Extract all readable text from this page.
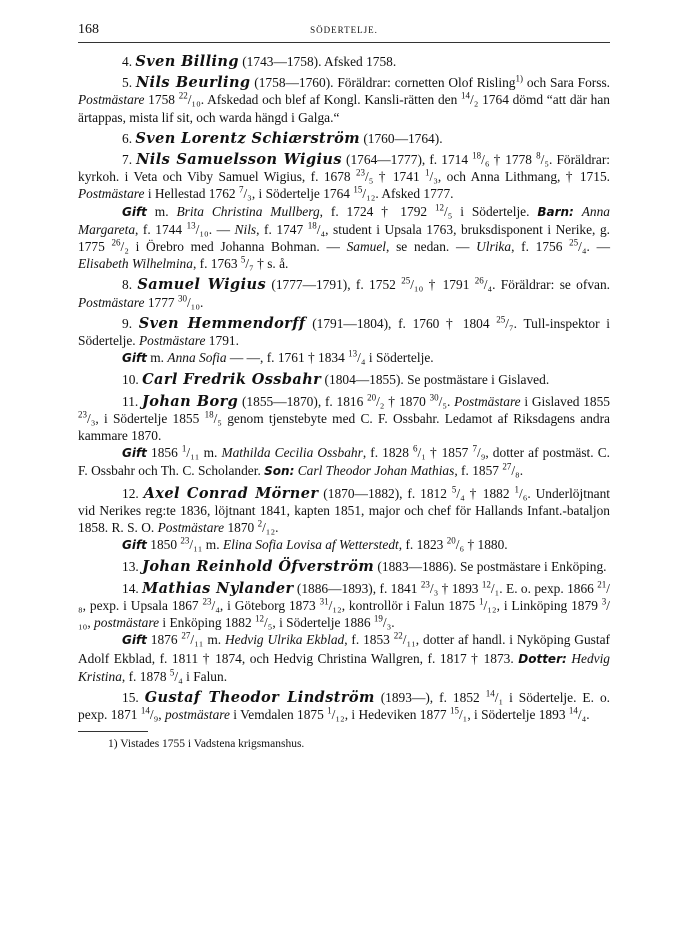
168	SÖDERTELJE.

4. Sven Billing (1743—1758). Afsked 1758.

5. Nils Beurling (1758—1760). Föräldrar: cornetten Olof Risling$^{1)}$ och Sara Forss. Postmästare 1758 $^{22}$/₁₀. Afskedad och blef af Kongl. Kansli-rätten den $^{14}$/₂ 1764 dömd “att där han ärtappas, mista lif sit, och warda hängd i Galga.“

6. Sven Lorentz Schiærström (1760—1764).

7. Nils Samuelsson Wigius (1764—1777), f. 1714 $^{18}$/₆ † 1778 $^8$/₅. Föräldrar: kyrkoh. i Veta och Viby Samuel Wigius, f. 1678 $^{23}$/₅ † 1741 $^1$/₃, och Anna Lithmang, † 1715. Postmästare i Hellestad 1762 $^7$/₃, i Södertelje 1764 $^{15}$/₁₂. Afsked 1777.

Gift m. Brita Christina Mullberg, f. 1724 † 1792 $^{12}$/₅ i Södertelje. Barn: Anna Margareta, f. 1744 $^{13}$/₁₀. — Nils, f. 1747 $^{18}$/₄, student i Upsala 1763, bruksdisponent i Nerike, g. 1775 $^{26}$/₂ i Örebro med Johanna Bohman. — Samuel, se nedan. — Ulrika, f. 1756 $^{25}$/₄. — Elisabeth Wilhelmina, f. 1763 $^5$/₇ † s. å.

8. Samuel Wigius (1777—1791), f. 1752 $^{25}$/₁₀ † 1791 $^{26}$/₄. Föräldrar: se ofvan. Postmästare 1777 $^{30}$/₁₀.

9. Sven Hemmendorff (1791—1804), f. 1760 † 1804 $^{25}$/₇. Tull-inspektor i Södertelje. Postmästare 1791.

Gift m. Anna Sofia — —, f. 1761 † 1834 $^{13}$/₄ i Södertelje.

10. Carl Fredrik Ossbahr (1804—1855). Se postmästare i Gislaved.

11. Johan Borg (1855—1870), f. 1816 $^{20}$/₂ † 1870 $^{30}$/₅. Postmästare i Gislaved 1855 $^{23}$/₃, i Södertelje 1855 $^{18}$/₅ genom tjenstebyte med C. F. Ossbahr. Ledamot af Riksdagens andra kammare 1870.

Gift 1856 $^1$/₁₁ m. Mathilda Cecilia Ossbahr, f. 1828 $^6$/₁ † 1857 $^7$/₉, dotter af postmäst. C. F. Ossbahr och Th. C. Scholander. Son: Carl Theodor Johan Mathias, f. 1857 $^{27}$/₈.

12. Axel Conrad Mörner (1870—1882), f. 1812 $^5$/₄ † 1882 $^1$/₆. Underlöjtnant vid Nerikes reg:te 1836, löjtnant 1841, kapten 1851, major och chef för Hallands Infant.-bataljon 1858. R. S. O. Postmästare 1870 $^2$/₁₂.

Gift 1850 $^{23}$/₁₁ m. Elina Sofia Lovisa af Wetterstedt, f. 1823 $^{20}$/₆ † 1880.

13. Johan Reinhold Öfverström (1883—1886). Se postmästare i Enköping.

14. Mathias Nylander (1886—1893), f. 1841 $^{23}$/₃ † 1893 $^{12}$/₁. E. o. pexp. 1866 $^{21}$/₈, pexp. i Upsala 1867 $^{23}$/₄, i Göteborg 1873 $^{31}$/₁₂, kontrollör i Falun 1875 $^1$/₁₂, i Linköping 1879 $^3$/₁₀, postmästare i Enköping 1882 $^{12}$/₅, i Södertelje 1886 $^{19}$/₃.

Gift 1876 $^{27}$/₁₁ m. Hedvig Ulrika Ekblad, f. 1853 $^{22}$/₁₁, dotter af handl. i Nyköping Gustaf Adolf Ekblad, f. 1811 † 1874, och Hedvig Christina Wallgren, f. 1817 † 1873. Dotter: Hedvig Kristina, f. 1878 $^5$/₄ i Falun.

15. Gustaf Theodor Lindström (1893—), f. 1852 $^{14}$/₁ i Södertelje. E. o. pexp. 1871 $^{14}$/₉, postmästare i Vemdalen 1875 $^1$/₁₂, i Hedeviken 1877 $^{15}$/₁, i Södertelje 1893 $^{14}$/₄.

1) Vistades 1755 i Vadstena krigsmanshus.
